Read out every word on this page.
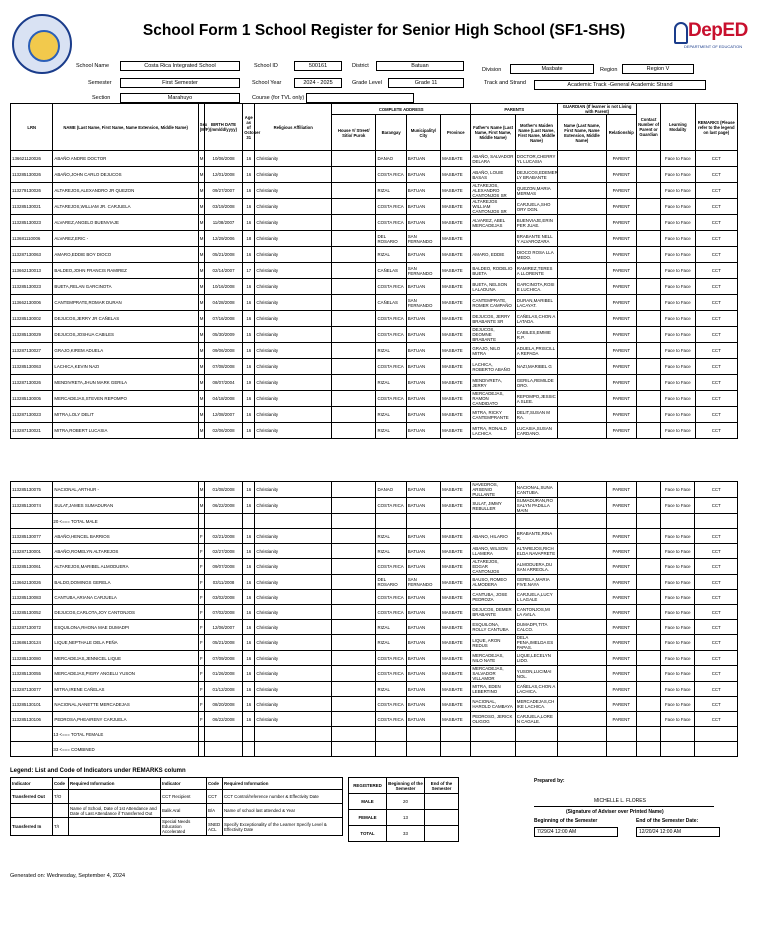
School Form 1 School Register for Senior High School (SF1-SHS)	DepED
DEPARTMENT OF EDUCATION
School Name	Costa Rica Integrated School	School ID	500161	District	Batuan
Division	Masbate	Region	Region V
Semester	First Semester	School Year	2024 - 2025	Grade Level	Grade 11	Track and Strand	Academic Track -General Academic Strand
Section	Marahuyo	Course (for TVL only)
LRN	NAME (Last Name, First Name, Name Extension, Middle Name)	Sex (M/F)	BIRTH DATE (mm/dd/yyyy)	Age as of October 31	Religious Affiliation	COMPLETE ADDRESS				PARENTS		GUARDIAN (If learner is not Living with Parent)		Contact Number of Parent or Guardian	Learning Modality	REMARKS (Please refer to the legend on last page)
						House #/ Street/ Sitio/ Purok	Barangay	Municipality/ City	Province	Father's Name (Last Name, First Name, Middle Name)	Mother's Maiden Name (Last Name, First Name, Middle Name)	Name (Last Name, First Name, Name Extension, Middle Name)	Relationship			
136621120026	ABAÑO ANDRE DOCTOR	M	10/06/2008	16	Christianity		DANAO	BATUAN	MASBATE	ABAÑO, SALVADOR DELARA	DOCTOR,CHERRY YL LUCASIA		PARENT		Face to Face	CCT
113285130026	ABAÑO,JOHN CARLO DEJUCOS	M	12/01/2008	16	Christianity		COSTA RICA	BATUAN	MASBATE	ABAÑO, LOUIE BASAS	DEJUCOS,EDEMER LY BRABANTE		PARENT		Face to Face	CCT
113279130026	ALTAREJOS,ALEXANDRO JR QUEZON	M	09/27/2007	16	Christianity		RIZAL	BATUAN	MASBATE	ALTAREJOS, ALEXANDRO CANTONJOS SR	QUEZON,MARIA MERMAS		PARENT		Face to Face	CCT
113285130021	ALTAREJOS,WILLIAM JR. CARJUELA	M	03/19/2008	16	Christianity		COSTA RICA	BATUAN	MASBATE	ALTAREJOS WILLIAM CANTONJOS SR	CARJUELA,SHO ORY DGN.		PARENT		Face to Face	CCT
113285130023	ALVAREZ,ANGELO BUENVIAJE	M	11/08/2007	16	Christianity		COSTA RICA	BATUAN	MASBATE	ALVAREZ, ABEL MERCADEJAS	BUENVIAJE,ERIN PER JUAE.		PARENT		Face to Face	CCT
113681110006	ALVAREZ,ERIC -	M	12/29/2006	18	Christianity		DEL ROSARIO	SAN FERNANDO	MASBATE		BRABANTE NELL Y ALVAROZARA		PARENT		Face to Face	CCT
113287130063	AMARO,EDDIE BOY DIOCO	M	05/21/2008	16	Christianity		RIZAL	BATUAN	MASBATE	AMARO, EDDIE	DIOCO ROSA LLA MEDO.		PARENT		Face to Face	CCT
113662130013	BALDEO,JOHN FRANCIS RAMIREZ	M	02/14/2007	17	Christianity		CAÑELAS	SAN FERNANDO	MASBATE	BALDEO, RODELIO BUETA	RAMIREZ,TERES A LLORENTE		PARENT		Face to Face	CCT
113285130023	BUETA,RELAN GARCINOTA	M	10/16/2008	16	Christianity		COSTA RICA	BATUAN	MASBATE	BUETA, NELSON LALADUNA	GARCINOTA,ROSI E LUCHICA.		PARENT		Face to Face	CCT
113662130006	CANTEMPRATE,ROMAR DURAN	M	04/28/2008	16	Christianity		CAÑELAS	SAN FERNANDO	MASBATE	CANTEMPRATE, ROMER CAMPAÑO	DURAN,MARIBEL LACAYAT.		PARENT		Face to Face	CCT
113285130002	DEJUCOS,JERRY JR CAÑELAS	M	07/16/2008	16	Christianity		COSTA RICA	BATUAN	MASBATE	DEJUCOS, JERRY BRABANTE SR	CAÑELAS,CHON A LATADA.		PARENT		Face to Face	CCT
113285130029	DEJUCOS,JOSHUA CABILES	M	05/30/2009	15	Christianity		COSTA RICA	BATUAN	MASBATE	DEJUCOS, DEOMNE BRABANTE	CABILES,EMMIE R.P.		PARENT		Face to Face	CCT
113287130027	GRAJO,KIREM ADUELA	M	09/06/2008	16	Christianity		RIZAL	BATUAN	MASBATE	GRAJO, NILO MITRA	ADUELA,PRISCILL A REPADA		PARENT		Face to Face	CCT
113285130063	LACHICA,KEVIN NAZI	M	07/08/2008	16	Christianity		COSTA RICA	BATUAN	MASBATE	LACHICA, ROBERTO ABAÑO	NAZI,MARIBEL G		PARENT		Face to Face	CCT
113287130026	MENDIVRETA,JHUN MARK GERILA	M	08/07/2004	19	Christianity		RIZAL	BATUAN	MASBATE	MENDIVRETA, JERRY	GERILA,REMILDE ORO.		PARENT		Face to Face	CCT
113285130005	MERCADEJAS,STEVEN REPOMPO	M	04/18/2008	16	Christianity		COSTA RICA	BATUAN	MASBATE	MERCADEJAS, RAMON CANDIDATO	REPOMPO,JESSIC A SLEE.		PARENT		Face to Face	CCT
113287130023	MITRA,LOLY DELIT	M	12/08/2007	16	Christianity		RIZAL	BATUAN	MASBATE	MITRA, RICKY CANTEMPRANTE	DELIT,SUSAN M RA.		PARENT		Face to Face	CCT
113287130021	MITRA,ROBERT LUCASIA	M	02/06/2008	16	Christianity		RIZAL	BATUAN	MASBATE	MITRA, RONALD LACHICA	LUCASIA,SUSAN CARDANO.		PARENT		Face to Face	CCT
113285130075	NACIONAL,ARTHUR -	M	01/08/2008	16	Christianity		DANAO	BATUAN	MASBATE	NAVEDROS, ARSENIO PULLANTE	NACIONAL,SUNA CANTUBA.		PARENT		Face to Face	CCT
113285130074	SULAT,JAMES SUMADURAN	M	06/22/2008	16	Christianity		COSTA RICA	BATUAN	MASBATE	SULAT, JIMMY REBULLER	SUMADURAN,RO SALYN PADILLA MAIN		PARENT		Face to Face	CCT
	20 <=== TOTAL MALE															
113285130077	ABAÑO,HENCEL BARRIOS	F	02/21/2008	16	Christianity		RIZAL	BATUAN	MASBATE	ABANO, HILARIO	BRABANTE,RINA R.		PARENT		Face to Face	CCT
113287130001	ABAÑO,ROMELYN ALTAREJOS	F	02/27/2008	16	Christianity		RIZAL	BATUAN	MASBATE	ABANO, WILSON LLAMERA	ALTAREJOS,RICH ELDA NAVAPRETE		PARENT		Face to Face	CCT
113285130061	ALTAREJOS,MARIBEL ALMODUERA	F	09/07/2008	16	Christianity		COSTA RICA	BATUAN	MASBATE	ALTAREJOS, EDGAR CANTONJOS	ALMODUERA,DU SAN ARREOLA.		PARENT		Face to Face	CCT
113662130026	BALDO,DOMINGS GERELA	F	03/11/2008	16	Christianity		DEL ROSARIO	SAN FERNANDO	MASBATE	BAUSO, ROMEO ALMODERA	GERELA,MARIA FIVE.NAYA		PARENT		Face to Face	CCT
113285130083	CANTUBA,ARIANA CARJUELA	F	03/02/2008	16	Christianity		COSTA RICA	BATUAN	MASBATE	CANTUBA, JOSE PEDROZA	CARJUELA,LUCY L LAGALE		PARENT		Face to Face	CCT
113285130052	DEJUCOS,CARLOTA,JOY CANTONJOS	F	07/02/2008	16	Christianity		COSTA RICA	BATUAN	MASBATE	DEJUCOS, DEMER BRABANTE	CANTONJOS,MI LA AVILA.		PARENT		Face to Face	CCT
113287130072	ESQUILONA,RHONA MAE DUMADPI	F	12/06/2007	16	Christianity		RIZAL	BATUAN	MASBATE	ESQUILONA, ROLLY CANTUBA	DUMADPI,TITA CALCO.		PARENT		Face to Face	CCT
113686130124	LIQUE,NEPTHALE DELA PEÑA	F	05/21/2008	16	Christianity		RIZAL	BATUAN	MASBATE	LIQUE, ARON REDUS	DELA PENA,IMELDA ES PAPAS.		PARENT		Face to Face	CCT
113285130080	MERCADEJAS,JENNICEL LIQUE	F	07/09/2008	16	Christianity		COSTA RICA	BATUAN	MASBATE	MERCADEJAS, NILO NATE	LIQUE,LECELYN LIDO.		PARENT		Face to Face	CCT
113285130055	MERCADEJAS,PIGRY ANGELU YUSON	F	01/26/2008	16	Christianity		COSTA RICA	BATUAN	MASBATE	MERCADEJAS, SALVADOR VILLAMOR	YUSON,LUCIMAI NOL.		PARENT		Face to Face	CCT
113287130077	MITRA,IRENE CAÑELAS	F	01/12/2008	16	Christianity		RIZAL	BATUAN	MASBATE	MITRA, EDEN LEBERTINO	CAÑELAS,CHON A LACHICA.		PARENT		Face to Face	CCT
113285130101	NACIONAL,NANETTE MERCADEJAS	F	08/20/2008	16	Christianity		COSTA RICA	BATUAN	MASBATE	NACIONAL, HAROLD CAMBAYA	MERCADEJAS,CH IKE LACHICA.		PARENT		Face to Face	CCT
113285130106	PEDROSA,PHEAIRENY CARJUELA	F	06/22/2008	16	Christianity		COSTA RICA	BATUAN	MASBATE	PEDROSO, JERICK OLIGOG	CARJUELA,LORE N CAGALE.		PARENT		Face to Face	CCT
	13 <=== TOTAL FEMALE															
	33 <=== COMBINED															
Legend: List and Code of Indicators under REMARKS column
Indicator	Code	Required Information	Indicator	Code	Required Information
Transferred Out	T/O		CCT Recipient	CCT	CCT Control/reference number & Effectivity Date
		Name of School, Date of 1st Attendance and Date of Last Attendance if Transferred Out	Balik Aral	B/A	Name of school last attended & Year
Transferred In	T/I		Special Needs Education Accelerated	SNED ACL	Specify Exceptionality of the Learner Specify Level & Effectivity Date
REGISTERED	Beginning of the Semester	End of the Semester
MALE	20	
FEMALE	13	
TOTAL	33	
Prepared by:
MICHELLE L. FLORES
(Signature of Adviser over Printed Name)
Beginning of the Semester
7/29/24 12:00 AM
End of the Semester Date:
12/20/24 12:00 AM
Generated on: Wednesday, September 4, 2024
